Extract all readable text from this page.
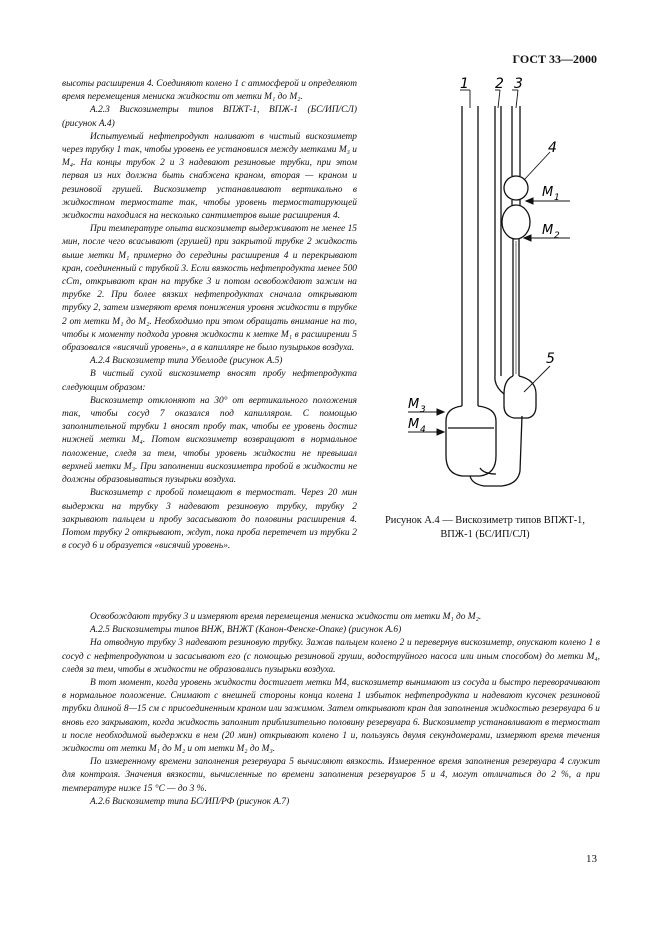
ГОСТ 33—2000

высоты расширения 4. Соединяют колено 1 с атмосферой и определяют время перемещения мениска жидкости от метки M₁ до M₂.

A.2.3 Вискозиметры типов ВПЖТ-1, ВПЖ-1 (БС/ИП/СЛ) (рисунок А.4)

Испытуемый нефтепродукт наливают в чистый вискозиметр через трубку 1 так, чтобы уровень ее установился между метками M₃ и M₄. На концы трубок 2 и 3 надевают резиновые трубки, при этом первая из них должна быть снабжена краном, вторая — краном и резиновой грушей. Вискозиметр устанавливают вертикально в жидкостном термостате так, чтобы уровень термостатирующей жидкости находился на несколько сантиметров выше расширения 4.

При температуре опыта вискозиметр выдерживают не менее 15 мин, после чего всасывают (грушей) при закрытой трубке 2 жидкость выше метки M₁ примерно до середины расширения 4 и перекрывают кран, соединенный с трубкой 3. Если вязкость нефтепродукта менее 500 сСт, открывают кран на трубке 3 и потом освобождают зажим на трубке 2. При более вязких нефтепродуктах сначала открывают трубку 2, затем измеряют время понижения уровня жидкости в трубке 2 от метки M₁ до M₂. Необходимо при этом обращать внимание на то, чтобы к моменту подхода уровня жидкости к метке M₁ в расширении 5 образовался «висячий уровень», а в капилляре не было пузырьков воздуха.

A.2.4 Вискозиметр типа Убеллоде (рисунок А.5)

В чистый сухой вискозиметр вносят пробу нефтепродукта следующим образом:

Вискозиметр отклоняют на 30° от вертикального положения так, чтобы сосуд 7 оказался под капилляром. С помощью заполнительной трубки 1 вносят пробу так, чтобы ее уровень достиг нижней метки M₄. Потом вискозиметр возвращают в нормальное положение, следя за тем, чтобы уровень жидкости не превышал верхней метки M₃. При заполнении вискозиметра пробой в жидкости не должны образовываться пузырьки воздуха.

Вискозиметр с пробой помещают в термостат. Через 20 мин выдержки на трубку 3 надевают резиновую трубку, трубку 2 закрывают пальцем и пробу засасывают до половины расширения 4. Потом трубку 2 открывают, ждут, пока проба перетечет из трубки 2 в сосуд 6 и образуется «висячий уровень».

1 2 3
4
5
M 1
M 2
M 3
M 4
Рисунок А.4 — Вискозиметр типов ВПЖТ-1,
ВПЖ-1 (БС/ИП/СЛ)

Освобождают трубку 3 и измеряют время перемещения мениска жидкости от метки M₁ до M₂.

A.2.5 Вискозиметры типов ВНЖ, ВНЖТ (Канон-Фенске-Опаке) (рисунок А.6)

На отводную трубку 3 надевают резиновую трубку. Зажав пальцем колено 2 и перевернув вискозиметр, опускают колено 1 в сосуд с нефтепродуктом и засасывают его (с помощью резиновой груши, водоструйного насоса или иным способом) до метки M₄, следя за тем, чтобы в жидкости не образовались пузырьки воздуха.

В тот момент, когда уровень жидкости достигает метки M4, вискозиметр вынимают из сосуда и быстро переворачивают в нормальное положение. Снимают с внешней стороны конца колена 1 избыток нефтепродукта и надевают кусочек резиновой трубки длиной 8—15 см с присоединенным краном или зажимом. Затем открывают кран для заполнения жидкостью резервуара 6 и вновь его закрывают, когда жидкость заполнит приблизительно половину резервуара 6. Вискозиметр устанавливают в термостат и после необходимой выдержки в нем (20 мин) открывают колено 1 и, пользуясь двумя секундомерами, измеряют время течения жидкости от метки M₁ до M₂ и от метки M₂ до M₃.

По измеренному времени заполнения резервуара 5 вычисляют вязкость. Измеренное время заполнения резервуара 4 служит для контроля. Значения вязкости, вычисленные по времени заполнения резервуаров 5 и 4, могут отличаться до 2 %, а при температуре ниже 15 °С — до 3 %.

A.2.6 Вискозиметр типа БС/ИП/РФ (рисунок А.7)

13
